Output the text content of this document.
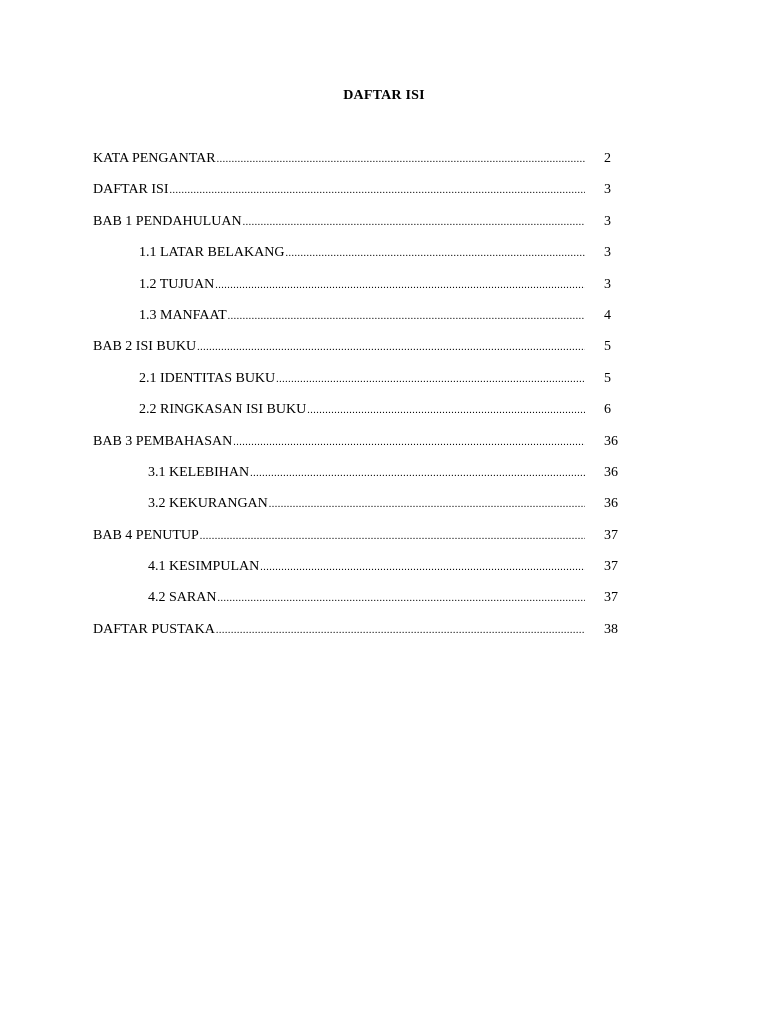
DAFTAR ISI
KATA PENGANTAR .....	2
DAFTAR ISI .....	3
BAB 1 PENDAHULUAN .....	3
1.1 LATAR BELAKANG .....	3
1.2 TUJUAN .....	3
1.3 MANFAAT .....	4
BAB 2 ISI BUKU .....	5
2.1 IDENTITAS BUKU .....	5
2.2 RINGKASAN ISI BUKU .....	6
BAB 3 PEMBAHASAN .....	36
3.1 KELEBIHAN .....	36
3.2 KEKURANGAN .....	36
BAB 4 PENUTUP .....	37
4.1 KESIMPULAN .....	37
4.2 SARAN .....	37
DAFTAR PUSTAKA .....	38
